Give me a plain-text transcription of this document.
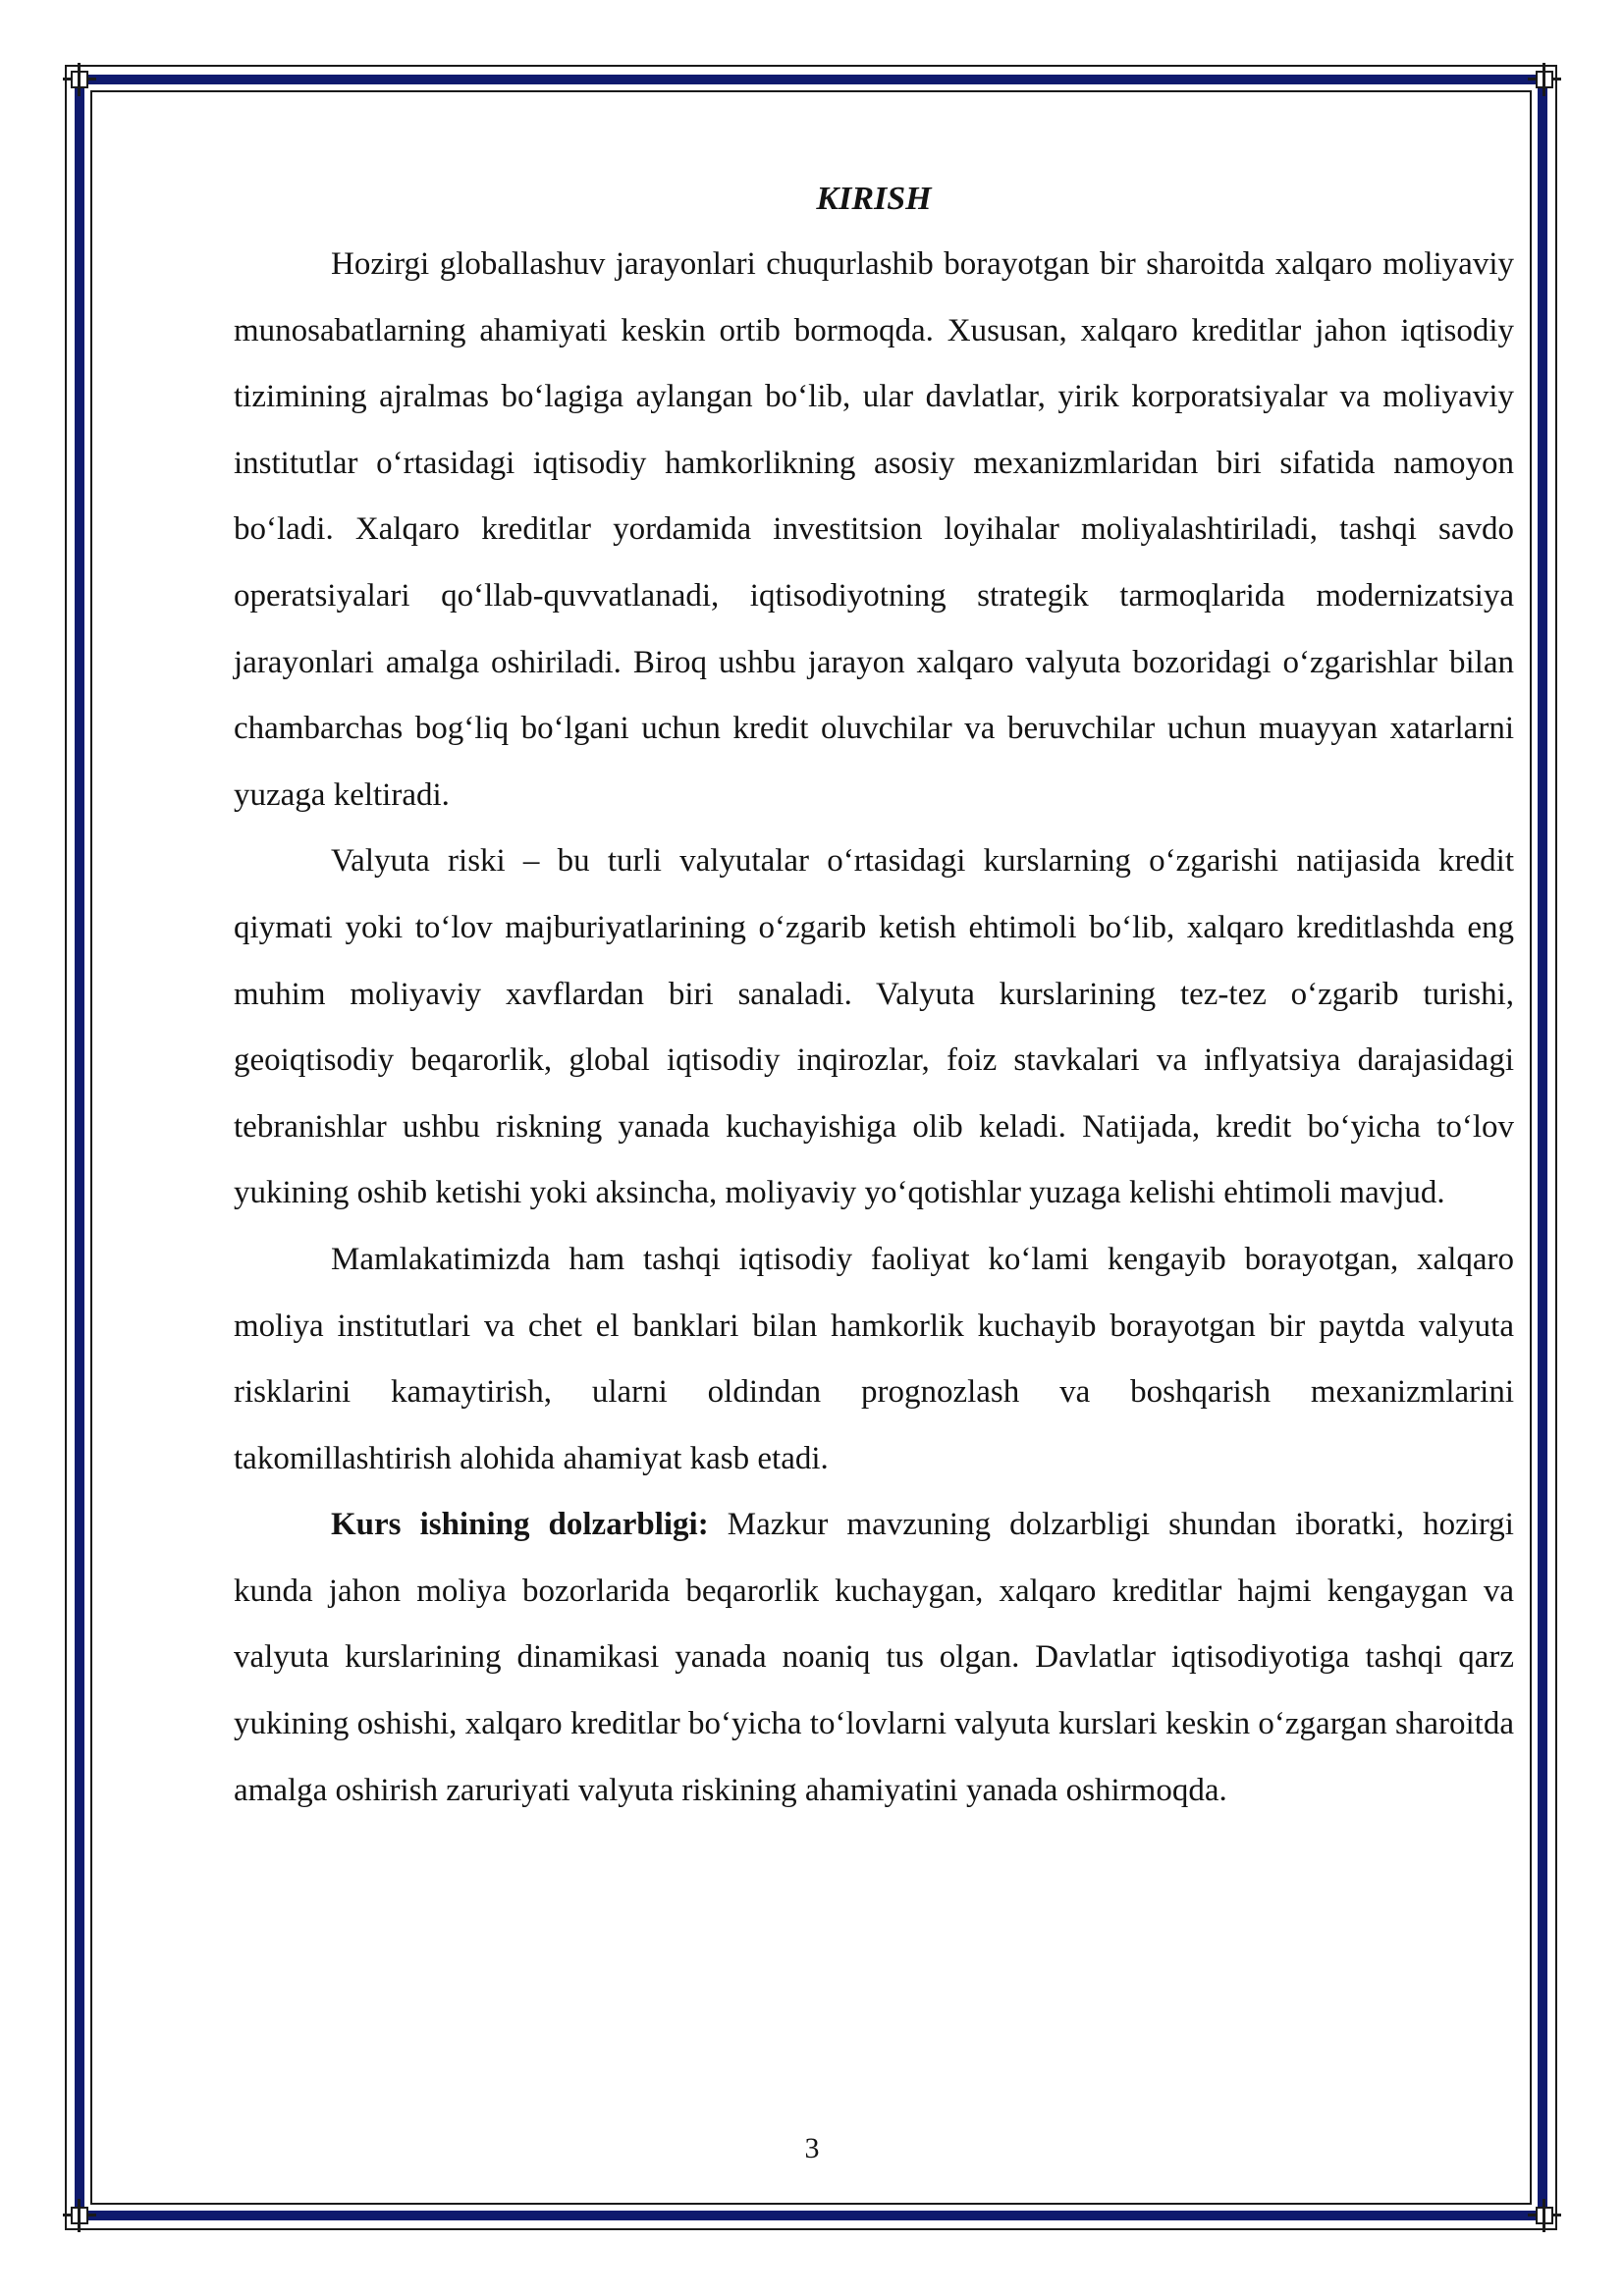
KIRISH

Hozirgi globallashuv jarayonlari chuqurlashib borayotgan bir sharoitda xalqaro moliyaviy munosabatlarning ahamiyati keskin ortib bormoqda. Xususan, xalqaro kreditlar jahon iqtisodiy tizimining ajralmas bo‘lagiga aylangan bo‘lib, ular davlatlar, yirik korporatsiyalar va moliyaviy institutlar o‘rtasidagi iqtisodiy hamkorlikning asosiy mexanizmlaridan biri sifatida namoyon bo‘ladi. Xalqaro kreditlar yordamida investitsion loyihalar moliyalashtiriladi, tashqi savdo operatsiyalari qo‘llab-quvvatlanadi, iqtisodiyotning strategik tarmoqlarida modernizatsiya jarayonlari amalga oshiriladi. Biroq ushbu jarayon xalqaro valyuta bozoridagi o‘zgarishlar bilan chambarchas bog‘liq bo‘lgani uchun kredit oluvchilar va beruvchilar uchun muayyan xatarlarni yuzaga keltiradi.

Valyuta riski – bu turli valyutalar o‘rtasidagi kurslarning o‘zgarishi natijasida kredit qiymati yoki to‘lov majburiyatlarining o‘zgarib ketish ehtimoli bo‘lib, xalqaro kreditlashda eng muhim moliyaviy xavflardan biri sanaladi. Valyuta kurslarining tez-tez o‘zgarib turishi, geoiqtisodiy beqarorlik, global iqtisodiy inqirozlar, foiz stavkalari va inflyatsiya darajasidagi tebranishlar ushbu riskning yanada kuchayishiga olib keladi. Natijada, kredit bo‘yicha to‘lov yukining oshib ketishi yoki aksincha, moliyaviy yo‘qotishlar yuzaga kelishi ehtimoli mavjud.

Mamlakatimizda ham tashqi iqtisodiy faoliyat ko‘lami kengayib borayotgan, xalqaro moliya institutlari va chet el banklari bilan hamkorlik kuchayib borayotgan bir paytda valyuta risklarini kamaytirish, ularni oldindan prognozlash va boshqarish mexanizmlarini takomillashtirish alohida ahamiyat kasb etadi.

Kurs ishining dolzarbligi: Mazkur mavzuning dolzarbligi shundan iboratki, hozirgi kunda jahon moliya bozorlarida beqarorlik kuchaygan, xalqaro kreditlar hajmi kengaygan va valyuta kurslarining dinamikasi yanada noaniq tus olgan. Davlatlar iqtisodiyotiga tashqi qarz yukining oshishi, xalqaro kreditlar bo‘yicha to‘lovlarni valyuta kurslari keskin o‘zgargan sharoitda amalga oshirish zaruriyati valyuta riskining ahamiyatini yanada oshirmoqda.

3
